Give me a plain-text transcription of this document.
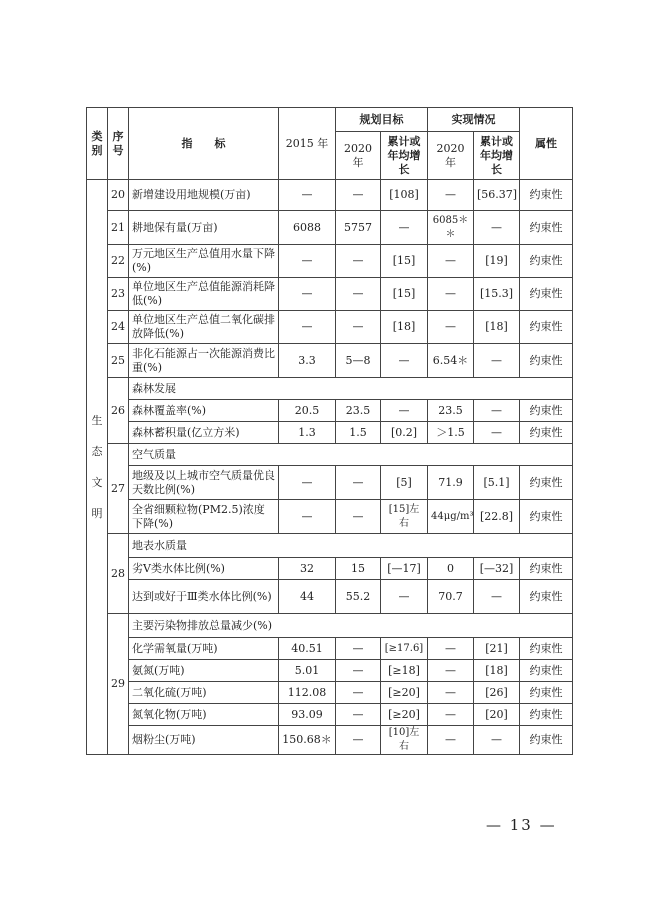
类别	序号	指　　标	2015 年	规划目标		实现情况		属性
				2020 年	累计或年均增长	2020 年	累计或年均增长	

生
态
文
明	20	新增建设用地规模(万亩)	—	—	[108]	—	[56.37]	约束性
	21	耕地保有量(万亩)	6088	5757	—	6085＊＊	—	约束性
	22	万元地区生产总值用水量下降(%)	—	—	[15]	—	[19]	约束性
	23	单位地区生产总值能源消耗降低(%)	—	—	[15]	—	[15.3]	约束性
	24	单位地区生产总值二氧化碳排放降低(%)	—	—	[18]	—	[18]	约束性
	25	非化石能源占一次能源消费比重(%)	3.3	5—8	—	6.54＊	—	约束性
	26	森林发展						
		森林覆盖率(%)	20.5	23.5	—	23.5	—	约束性
		森林蓄积量(亿立方米)	1.3	1.5	[0.2]	＞1.5	—	约束性
	27	空气质量						
		地级及以上城市空气质量优良天数比例(%)	—	—	[5]	71.9	[5.1]	约束性
		全省细颗粒物(PM2.5)浓度下降(%)	—	—	[15]左右	44μg/m³	[22.8]	约束性
	28	地表水质量						
		劣Ⅴ类水体比例(%)	32	15	[—17]	0	[—32]	约束性
		达到或好于Ⅲ类水体比例(%)	44	55.2	—	70.7	—	约束性
	29	主要污染物排放总量减少(%)						
		化学需氧量(万吨)	40.51	—	[≥17.6]	—	[21]	约束性
		氨氮(万吨)	5.01	—	[≥18]	—	[18]	约束性
		二氧化硫(万吨)	112.08	—	[≥20]	—	[26]	约束性
		氮氧化物(万吨)	93.09	—	[≥20]	—	[20]	约束性
		烟粉尘(万吨)	150.68＊	—	[10]左右	—	—	约束性
— 13 —
